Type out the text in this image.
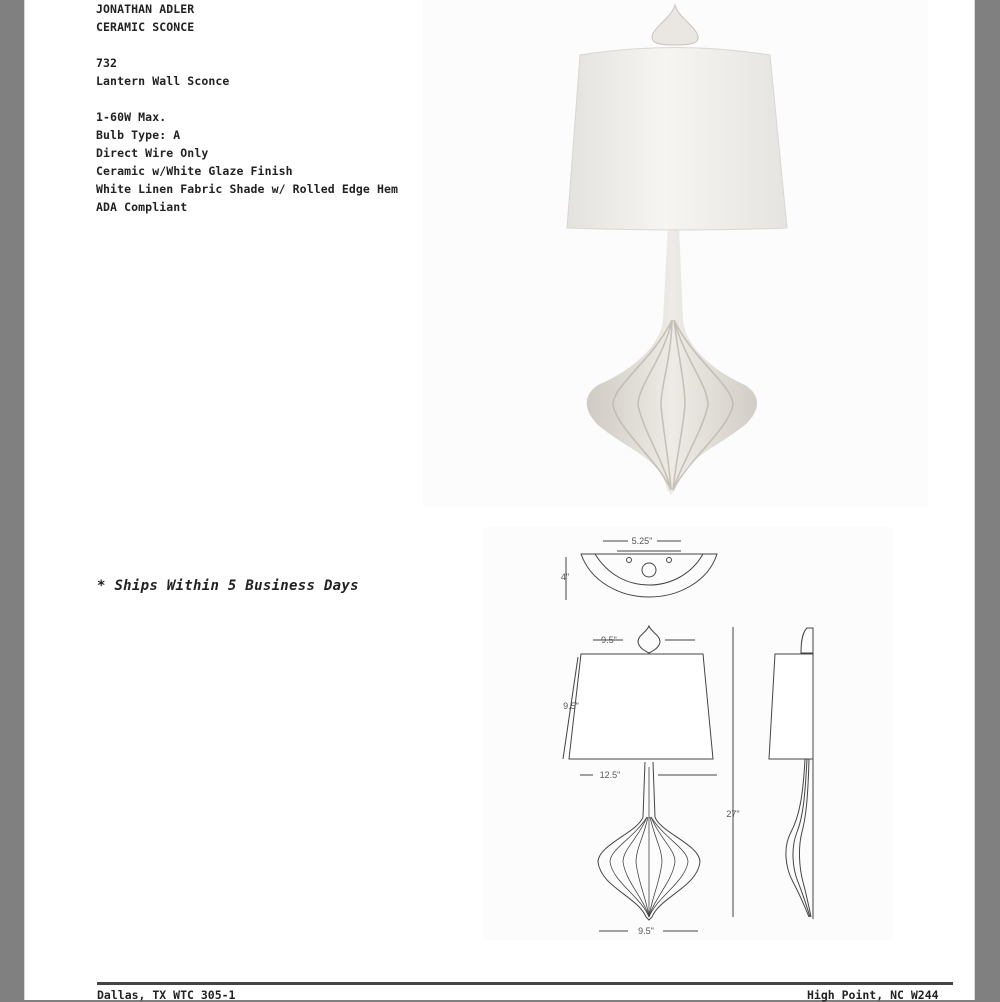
JONATHAN ADLER
CERAMIC SCONCE
732
Lantern Wall Sconce
1-60W Max.
Bulb Type: A
Direct Wire Only
Ceramic w/White Glaze Finish
White Linen Fabric Shade w/ Rolled Edge Hem
ADA Compliant
* Ships Within 5 Business Days
Dallas, TX WTC 305-1	High Point, NC W244
5.25"
4"
9.5"
9.5"
12.5"
27"
9.5"
